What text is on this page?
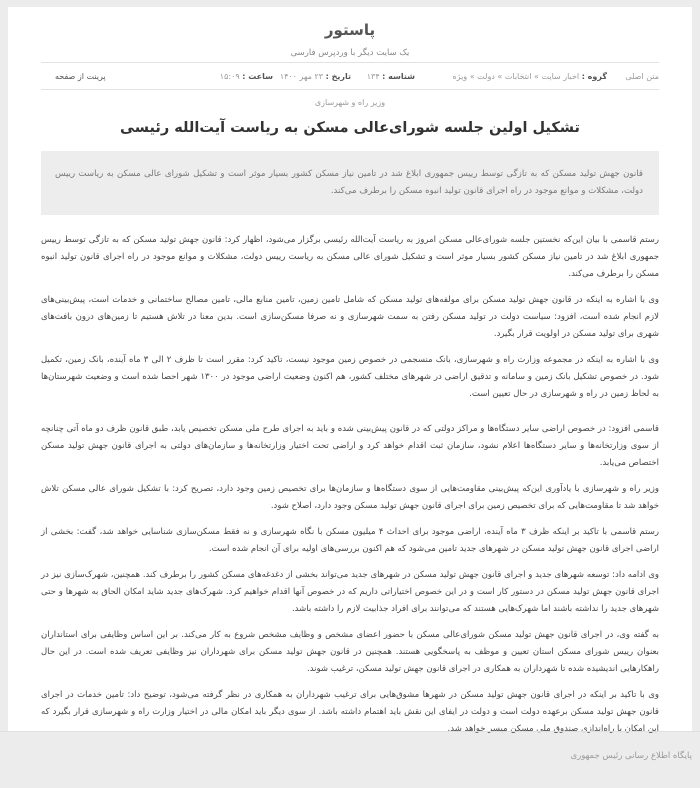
پاستور
یک سایت دیگر با وردپرس فارسی
متن اصلی
گروه : اخبار سایت » انتخابات » دولت » ویژه
شناسه : ۱۳۴
تاریخ : ۲۳ مهر ۱۴۰۰
ساعت : ۱۵:۰۹
پرینت از صفحه
وزیر راه و شهرسازی
تشکیل اولین جلسه شورای‌عالی مسکن به ریاست آیت‌الله رئیسی
قانون جهش تولید مسکن که به تازگی توسط رییس جمهوری ابلاغ شد در تامین نیاز مسکن کشور بسیار موثر است و تشکیل شورای عالی مسکن به ریاست رییس دولت، مشکلات و موانع موجود در راه اجرای قانون تولید انبوه مسکن را برطرف می‌کند.

رستم قاسمی با بیان این‌که نخستین جلسه شورای‌عالی مسکن امروز به ریاست آیت‌الله رئیسی برگزار می‌شود، اظهار کرد: قانون جهش تولید مسکن که به تازگی توسط رییس جمهوری ابلاغ شد در تامین نیاز مسکن کشور بسیار موثر است و تشکیل شورای عالی مسکن به ریاست رییس دولت، مشکلات و موانع موجود در راه اجرای قانون تولید انبوه مسکن را برطرف می‌کند.

وی با اشاره به اینکه در قانون جهش تولید مسکن برای مولفه‌های تولید مسکن که شامل تامین زمین، تامین منابع مالی، تامین مصالح ساختمانی و خدمات است، پیش‌بینی‌های لازم انجام شده است، افزود: سیاست دولت در تولید مسکن رفتن به سمت شهرسازی و نه صرفا مسکن‌سازی است. بدین معنا در تلاش هستیم تا زمین‌های درون بافت‌های شهری برای تولید مسکن در اولویت قرار بگیرد.

وی با اشاره به اینکه در مجموعه وزارت راه و شهرسازی، بانک منسجمی در خصوص زمین موجود نیست، تاکید کرد: مقرر است تا ظرف ۲ الی ۳ ماه آینده، بانک زمین، تکمیل شود. در خصوص تشکیل بانک زمین و سامانه و تدقیق اراضی در شهرهای مختلف کشور، هم اکنون وضعیت اراضی موجود در ۱۳۰۰ شهر احصا شده است و وضعیت شهرستان‌ها به لحاظ زمین در راه و شهرسازی در حال تعیین است.

قاسمی افزود: در خصوص اراضی سایر دستگاه‌ها و مراکز دولتی که در قانون پیش‌بینی شده و باید به اجرای طرح ملی مسکن تخصیص یابد، طبق قانون ظرف دو ماه آتی چنانچه از سوی وزارتخانه‌ها و سایر دستگاه‌ها اعلام نشود، سازمان ثبت اقدام خواهد کرد و اراضی تحت اختیار وزارتخانه‌ها و سازمان‌های دولتی به اجرای قانون جهش تولید مسکن اختصاص می‌یابد.

وزیر راه و شهرسازی با یادآوری این‌که پیش‌بینی مقاومت‌هایی از سوی دستگاه‌ها و سازمان‌ها برای تخصیص زمین وجود دارد، تصریح کرد: با تشکیل شورای عالی مسکن تلاش خواهد شد تا مقاومت‌هایی که برای تخصیص زمین برای اجرای قانون جهش تولید مسکن وجود دارد، اصلاح شود.

رستم قاسمی با تاکید بر اینکه ظرف ۳ ماه آینده، اراضی موجود برای احداث ۴ میلیون مسکن با نگاه شهرسازی و نه فقط مسکن‌سازی شناسایی خواهد شد، گفت: بخشی از اراضی اجرای قانون جهش تولید مسکن در شهرهای جدید تامین می‌شود که هم اکنون بررسی‌های اولیه برای آن انجام شده است.

وی ادامه داد: توسعه شهرهای جدید و اجرای قانون جهش تولید مسکن در شهرهای جدید می‌تواند بخشی از دغدغه‌های مسکن کشور را برطرف کند. همچنین، شهرک‌سازی نیز در اجرای قانون جهش تولید مسکن در دستور کار است و در این خصوص اختیاراتی داریم که در خصوص آنها اقدام خواهیم کرد. شهرک‌های جدید شاید امکان الحاق به شهرها و حتی شهرهای جدید را نداشته باشند اما شهرک‌هایی هستند که می‌توانند برای افراد جذابیت لازم را داشته باشد.

به گفته وی، در اجرای قانون جهش تولید مسکن شورای‌عالی مسکن با حضور اعضای مشخص و وظایف مشخص شروع به کار می‌کند. بر این اساس وظایفی برای استانداران بعنوان رییس شورای مسکن استان تعیین و موظف به پاسخگویی هستند. همچنین در قانون جهش تولید مسکن برای شهرداران نیز وظایفی تعریف شده است. در این حال راهکارهایی اندیشیده شده تا شهرداران به همکاری در اجرای قانون جهش تولید مسکن، ترغیب شوند.

وی با تاکید بر اینکه در اجرای قانون جهش تولید مسکن در شهرها مشوق‌هایی برای ترغیب شهرداران به همکاری در نظر گرفته می‌شود، توضیح داد: تامین خدمات در اجرای قانون جهش تولید مسکن برعهده دولت است و دولت در ایفای این نقش باید اهتمام داشته باشد. از سوی دیگر باید امکان مالی در اختیار وزارت راه و شهرسازی قرار بگیرد که این امکان با راه‌اندازی صندوق ملی مسکن میسر خواهد شد.

پایگاه اطلاع رسانی رئیس جمهوری
